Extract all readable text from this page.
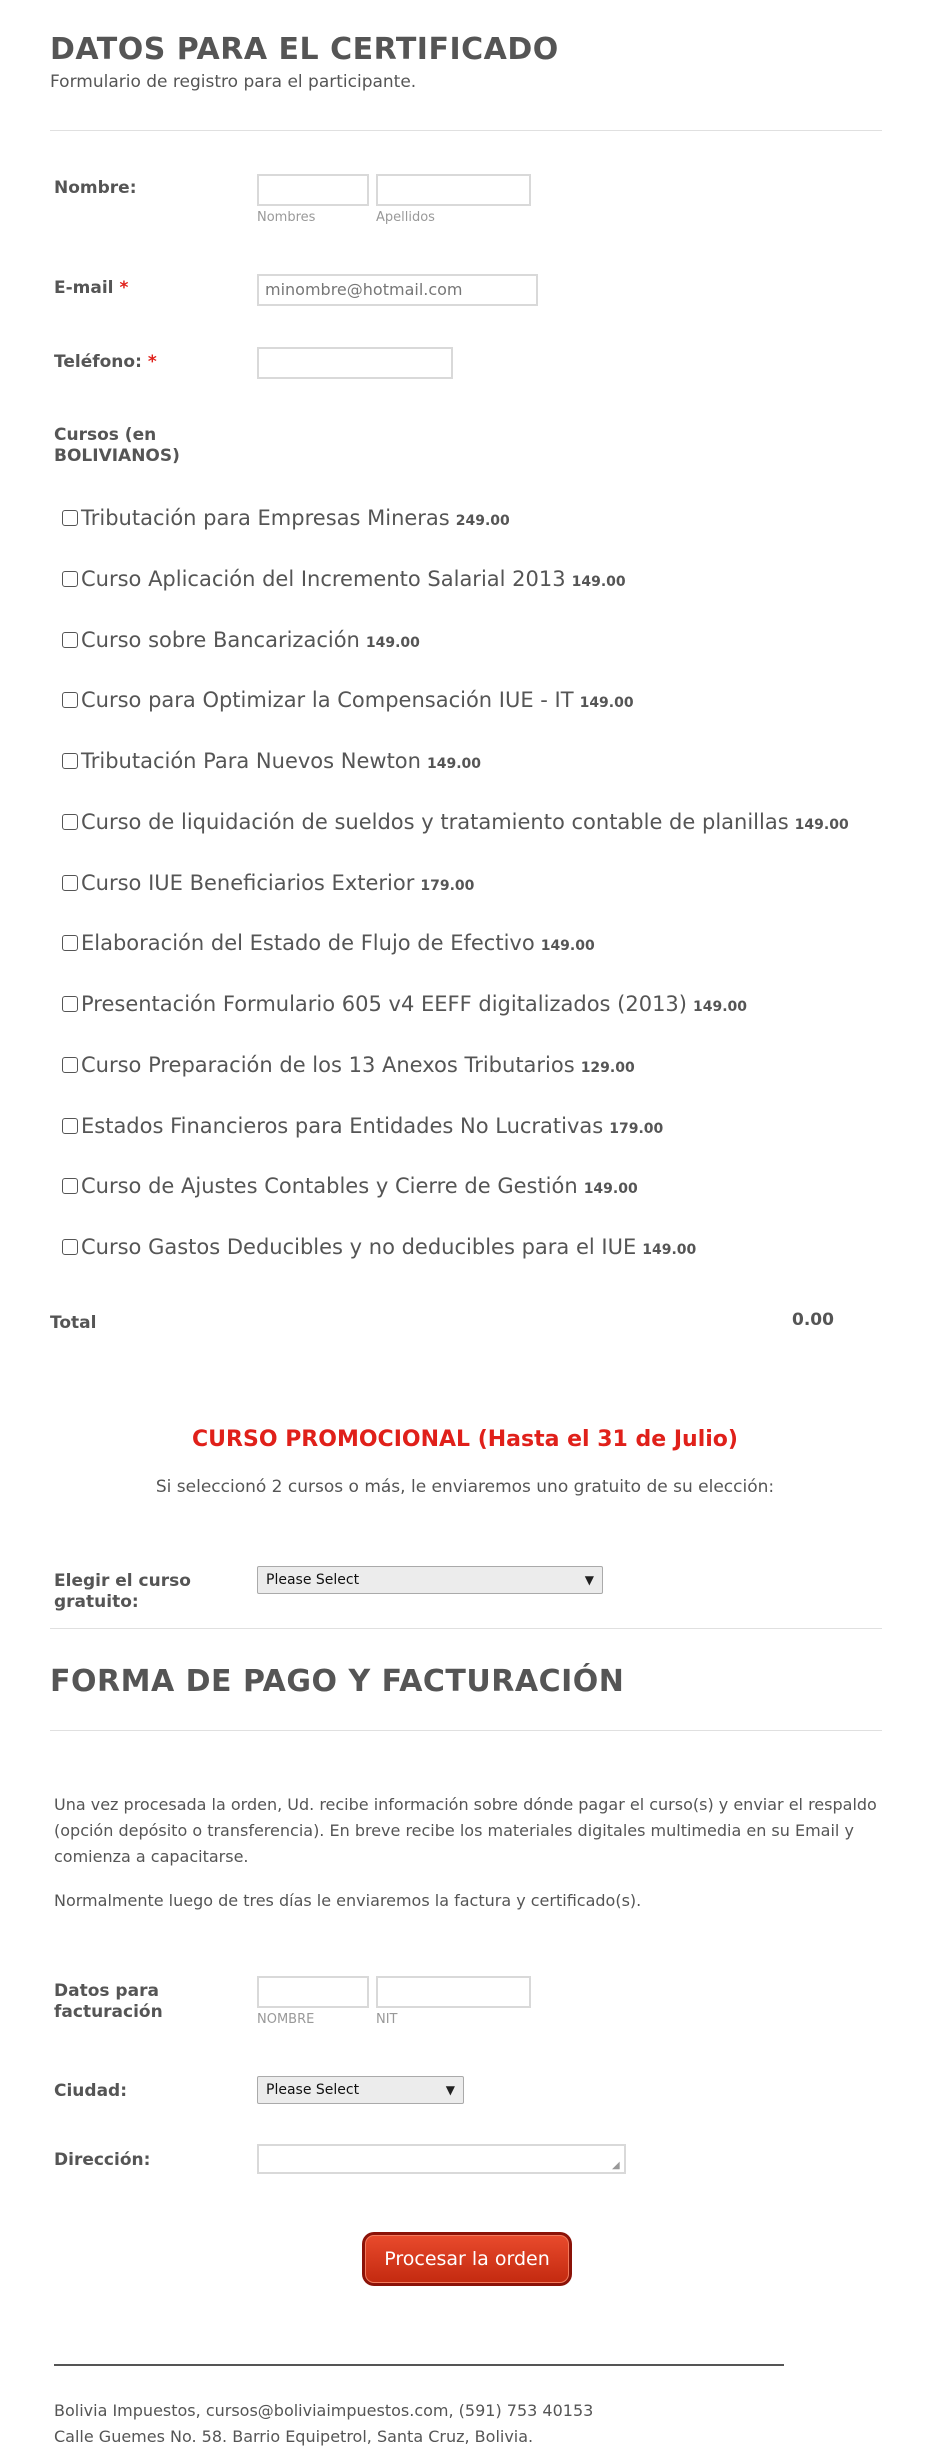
DATOS PARA EL CERTIFICADO
Formulario de registro para el participante.
Nombre:
Nombres	Apellidos
E-mail *	minombre@hotmail.com
Teléfono: *
Cursos (en BOLIVIANOS)
Tributación para Empresas Mineras 249.00
Curso Aplicación del Incremento Salarial 2013 149.00
Curso sobre Bancarización 149.00
Curso para Optimizar la Compensación IUE - IT 149.00
Tributación Para Nuevos Newton 149.00
Curso de liquidación de sueldos y tratamiento contable de planillas 149.00
Curso IUE Beneficiarios Exterior 179.00
Elaboración del Estado de Flujo de Efectivo 149.00
Presentación Formulario 605 v4 EEFF digitalizados (2013) 149.00
Curso Preparación de los 13 Anexos Tributarios 129.00
Estados Financieros para Entidades No Lucrativas 179.00
Curso de Ajustes Contables y Cierre de Gestión 149.00
Curso Gastos Deducibles y no deducibles para el IUE 149.00
Total	0.00
CURSO PROMOCIONAL (Hasta el 31 de Julio)
Si seleccionó 2 cursos o más, le enviaremos uno gratuito de su elección:
Elegir el curso gratuito:
Please Select	▼
FORMA DE PAGO Y FACTURACIÓN
Una vez procesada la orden, Ud. recibe información sobre dónde pagar el curso(s) y enviar el respaldo (opción depósito o transferencia). En breve recibe los materiales digitales multimedia en su Email y comienza a capacitarse.
Normalmente luego de tres días le enviaremos la factura y certificado(s).
Datos para facturación	NOMBRE	NIT
Ciudad:	Please Select	▼
Dirección:	◢
Procesar la orden
Bolivia Impuestos, cursos@boliviaimpuestos.com, (591) 753 40153
Calle Guemes No. 58. Barrio Equipetrol, Santa Cruz, Bolivia.
